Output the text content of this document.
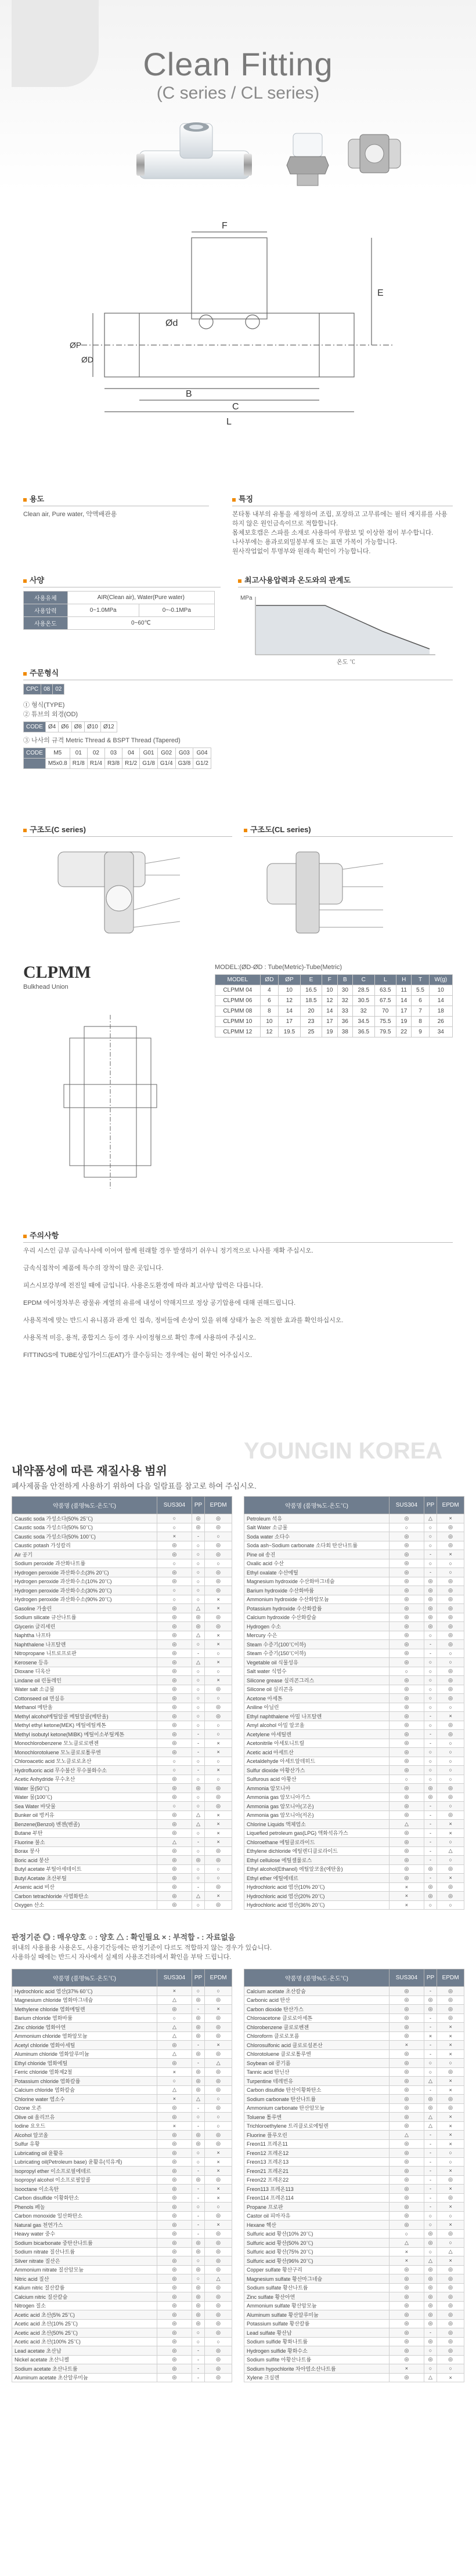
Clean Fitting
(C series / CL series)
F
Ød
E
ØP
ØD
L
B
C
용도
Clean air, Pure water, 약액배관용
특징
본타통 내부의 유통을 세정하여 조립, 포장하고 고무류에는 필터 재지류를 사용하지 않은 원인금속이므로 적합합니다.
몸체보호캡은 스파를 소재로 사용하여 무함보 및 이상한 점이 부수합니다.
나사부에는 용과로외밀봉부재 또는 표면 가복이 가능합니다.
원사작업없이 투명부와 원래속 확인이 가능합니다.
사양
사용유체	AIR(Clean air), Water(Pure water)	
사용압력	0~1.0MPa	0~-0.1MPa
사용온도	0~60℃	
최고사용압력과 온도와의 관계도
MPa
온도 ℃
주문형식
CPC	08	02
① 형식(TYPE)
② 튜브의 외경(OD)
CODE	Ø4	Ø6	Ø8	Ø10	Ø12
③ 나사의 규격 Metric Thread & BSPT Thread (Tapered)
CODE	M5	01	02	03	04	G01	G02	G03	G04
	M5x0.8	R1/8	R1/4	R3/8	R1/2	G1/8	G1/4	G3/8	G1/2
구조도(C series)	구조도(CL series)
CLPMM
Bulkhead Union
MODEL:(ØD-ØD : Tube(Metric)-Tube(Metric)
MODEL	ØD	ØP	E	F	B	C	L	H	T	W(g)
CLPMM 04	4	10	16.5	10	30	28.5	63.5	11	5.5	10
CLPMM 06	6	12	18.5	12	32	30.5	67.5	14	6	14
CLPMM 08	8	14	20	14	33	32	70	17	7	18
CLPMM 10	10	17	23	17	36	34.5	75.5	19	8	26
CLPMM 12	12	19.5	25	19	38	36.5	79.5	22	9	34
주의사항
우리 시스인 금부 금속나사에 이어여 함께 원래할 경우 발생하기 쉬우니 정기적으로 나사를 재확 주십시오.
금속식접착이 제품에 특수의 장착이 많은 곳입니다.
피스시보강부에 전진일 때에 금입니다. 사용온도환경에 따라 최고사양 압력은 다릅니다.
EPDM 에어정차부은 광물유 계열의 유류에 내성이 약해지므로 정상 공기압용에 대해 권해드립니다.
사용목적에 맞는 반드시 유니폼과 관계 인 접속, 정비들에 손상이 있을 위해 상태가 높은 적절한 효과를 확인하십시오.
사용목적 미응, 용적, 종합지스 등이 경우 사이정형으로 확인 후에 사용하여 주십시오.
FITTINGS에 TUBE상입가이드(EAT)가 클수등되는 경우에는 쉼이 확인 어주십시오.
내약품성에 따른 재질사용 범위
폐사제품을 안전하게 사용하기 위하여 다음 일람표를 참고로 하여 주십시오.
YOUNGIN KOREA
약품명 (품명%도·온도℃)	SUS304	PP	EPDM
Caustic soda 가성소다(50% 25℃)	○	◎	◎
Caustic soda 가성소다(50% 50℃)	○	◎	◎
Caustic soda 가성소다(50% 100℃)	×	-	○
Caustic potash 가성칼리	◎	○	◎
Air 공기	◎	○	◎
Sodium peroxide 과산화나트륨	○	○	○
Hydrogen peroxide 과산화수소(3% 20℃)	◎	○	◎
Hydrogen peroxide 과산화수소(10% 20℃)	◎	○	◎
Hydrogen peroxide 과산화수소(30% 20℃)	○	○	◎
Hydrogen peroxide 과산화수소(90% 20℃)	○	○	×
Gasoline 가솔린	◎	△	×
Sodium silicate 규산나트륨	◎	◎	◎
Glycerin 글리세린	◎	◎	◎
Naphtha 나프타	◎	△	×
Naphthalene 나프탈렌	◎	○	×
Nitropropane 니트로프로판	◎	-	○
Kerosene 등유	◎	△	×
Dioxane 디옥산	◎	○	○
Lindane oil 린돌레인	◎	○	×
Water salt 소금물	◎	○	◎
Cottonseed oil 면실유	◎	○	○
Methanol 메탄올	◎	○	◎
Methyl alcohol메틸알콜 메틸알콜(메탄올)	◎	○	◎
Methyl ethyl ketone(MEK) 메틸에틸케톤	◎	○	○
Methyl isobutyl ketone(MIBK) 메틸이소부틸케톤	◎	-	○
Monochlorobenzene 모노클로로벤젠	◎	-	×
Monochlorotoluene 모노클로로톨루엔	◎	-	×
Chloroacetic acid 모노클로로초산	○	○	○
Hydrofluoric acid 무수불산 무수불화수소	○	-	×
Acetic Anhydride 무수초산	◎	○	○
Water 물(50℃)	◎	◎	◎
Water 물(100℃)	◎	○	◎
Sea Water 바닷물	○	○	◎
Bunker oil 벙커유	◎	△	×
Benzene(Benzol) 벤젠(벤졸)	◎	△	×
Butane 부탄	◎	○	×
Fluorine 불소	△	-	×
Borax 붕사	◎	○	◎
Boric acid 붕산	◎	◎	◎
Butyl acetate 부틸아세테이트	◎	○	○
Butyl Acetate 초산부틸	◎	○	○
Arsenic acid 비산	◎	-	◎
Carbon tetrachloride 사염화탄소	◎	△	×
Oxygen 산소	◎	○	◎
약품명 (품명%도·온도℃)	SUS304	PP	EPDM
Petroleum 석유	◎	△	×
Salt Water 소금물	○	○	◎
Soda water 소다수	◎	○	◎
Soda ash~Sodium carbonate 소다회 탄산나트륨	◎	○	◎
Pine oil 송진	◎	-	×
Oxalic acid 수산	◎	○	○
Ethyl oxalate 수산에틸	◎	-	○
Magnesium hydroxide 수산화마그네슘	◎	◎	◎
Barium hydroxide 수산화바륨	◎	◎	◎
Ammonium hydroxide 수산화암모늄	◎	◎	◎
Potassium hydroxide 수산화칼륨	◎	◎	◎
Calcium hydroxide 수산화칼슘	◎	◎	◎
Hydrogen 수소	◎	◎	◎
Mercury 수은	◎	○	◎
Steam 수증기(100℃이하)	◎	-	◎
Steam 수증기(150℃이하)	◎	-	○
Vegetable oil 식물성유	◎	○	○
Salt water 식염수	○	○	◎
Silicone grease 실리콘그리스	◎	○	◎
Silicone oil 실리콘유	◎	○	◎
Acetone 아세톤	◎	○	◎
Aniline 아닐린	◎	○	○
Ethyl naphthalene 아밀 나프탈렌	◎	-	×
Amyl alcohol 아밀 알코올	◎	○	◎
Acetylene 아세틸렌	◎	-	◎
Acetonitrile 아세토니트릴	◎	-	○
Acetic acid 아세트산	◎	○	○
Acetaldehyde 아세트알데히드	◎	○	○
Sulfur dioxide 아황산가스	◎	○	○
Sulfurous acid 아황산	○	○	○
Ammonia 암모니아	◎	◎	◎
Ammonia gas 암모니아가스	◎	◎	◎
Ammonia gas 암모니아(고온)	◎	-	○
Ammonia gas 암모니아(저온)	◎	-	◎
Chlorine Liquids 액체염소	△	-	×
Liquefied petroleum gas(LPG) 액화석유가스	◎	-	×
Chloroethane 에틸클로라이드	◎	-	○
Ethylene dichloride 에틸렌디클로라이드	◎	-	△
Ethyl cellulose 에틸셀룰로스	◎	-	○
Ethyl alcohol(Ethanol) 에틸알코올(에탄올)	◎	◎	◎
Ethyl ether 에틸에테르	◎	-	×
Hydrochloric acid 염산(10% 20℃)	×	◎	◎
Hydrochloric acid 염산(20% 20℃)	×	◎	◎
Hydrochloric acid 염산(36% 20℃)	×	○	○
판정기준 ◎ : 매우양호 ○ : 양호 △ : 확인필요 × : 부적합 - : 자료없음
위내의 사용률용 사용온도, 사용기간등에는 판정기준이 다르도 적합하지 않는 경우가 있습니다.
사용하실 때에는 반드시 자사에서 실제의 사용조건하에서 확인을 부탁 드립니다.
약품명 (품명%도·온도℃)	SUS304	PP	EPDM
Hydrochloric acid 염산(37% 60℃)	×	○	○
Magnesium chloride 염화마그네슘	△	◎	◎
Methylene chloride 염화메틸렌	◎	-	×
Barium chloride 염화바륨	○	◎	◎
Zinc chloride 염화아연	△	◎	◎
Ammonium chloride 염화암모늄	△	◎	◎
Acetyl chloride 염화아세틸	◎	-	×
Aluminum chloride 염화알루미늄	△	◎	◎
Ethyl chloride 염화에틸	◎	-	△
Ferric chloride 염화제2철	×	◎	◎
Potassium chloride 염화칼륨	○	◎	◎
Calcium chloride 염화칼슘	△	◎	◎
Chlorine water 염소수	×	△	○
Ozone 오존	◎	-	◎
Olive oil 올리브유	◎	○	○
Iodine 요오드	×	-	○
Alcohol 알코올	◎	◎	◎
Sulfur 유황	◎	◎	◎
Lubricating oil 윤활유	◎	○	×
Lubricating oil(Petroleum base) 윤활유(석유계)	◎	○	×
Isopropyl ether 이소프로필에테르	◎	-	×
Isopropyl alcohol 이소프로필알콜	◎	◎	◎
Isooctane 이소옥탄	◎	-	×
Carbon disulfide 이황화탄소	◎	-	×
Phenols 페놀	◎	○	○
Carbon monoxide 일산화탄소	◎	-	◎
Natural gas 천연가스	◎	-	×
Heavy water 중수	◎	-	◎
Sodium bicarbonate 중탄산나트륨	◎	◎	◎
Sodium nitrate 질산나트륨	◎	◎	◎
Silver nitrate 질산은	◎	○	◎
Ammonium nitrate 질산암모늄	◎	◎	◎
Nitric acid 질산	◎	○	△
Kalium nitric 질산칼륨	◎	◎	◎
Calcium nitric 질산칼슘	◎	◎	◎
Nitrogen 질소	◎	◎	◎
Acetic acid 초산(5% 25℃)	◎	◎	◎
Acetic acid 초산(10% 25℃)	◎	◎	◎
Acetic acid 초산(50% 25℃)	◎	○	◎
Acetic acid 초산(100% 25℃)	◎	○	○
Lead acetate 초산납	◎	-	◎
Nickel acetate 초산니켈	◎	-	◎
Sodium acetate 초산나트륨	◎	-	◎
Aluminum acetate 초산알루미늄	◎	-	◎
약품명 (품명%도·온도℃)	SUS304	PP	EPDM
Calcium acetate 초산칼슘	◎	-	◎
Carbonic acid 탄산	◎	◎	◎
Carbon dioxide 탄산가스	◎	◎	◎
Chloroacetone 클로로아세톤	◎	-	◎
Chlorobenzene 클로로벤젠	◎	-	×
Chloroform 클로로포름	◎	×	×
Chlorosulfonic acid 클로로설폰산	×	-	×
Chlorotoluene 클로로톨루엔	◎	-	×
Soybean oil 콩기름	◎	○	○
Tannic acid 탄닌산	◎	○	◎
Turpentine 테레빈유	◎	△	×
Carbon disulfide 탄산이황화탄소	◎	-	×
Sodium carbonate 탄산나트륨	◎	◎	◎
Ammonium carbonate 탄산암모늄	◎	◎	◎
Toluene 톨루엔	◎	△	×
Trichloroethylene 트리클로로에틸렌	◎	△	×
Fluorine 플루오린	△	-	×
Freon11 프레온11	◎	-	×
Freon12 프레온12	◎	-	○
Freon13 프레온13	◎	-	○
Freon21 프레온21	◎	-	×
Freon22 프레온22	◎	-	◎
Freon113 프레온113	◎	-	×
Freon114 프레온114	◎	-	◎
Propane 프로판	◎	-	×
Castor oil 피마자유	◎	○	○
Hexane 헥산	◎	○	×
Sulfuric acid 황산(10% 20℃)	○	◎	◎
Sulfuric acid 황산(50% 20℃)	△	◎	○
Sulfuric acid 황산(75% 20℃)	×	○	△
Sulfuric acid 황산(96% 20℃)	×	△	×
Copper sulfate 황산구리	◎	◎	◎
Magnesium sulfate 황산마그네슘	◎	◎	◎
Sodium sulfate 황산나트륨	◎	◎	◎
Zinc sulfate 황산아연	◎	◎	◎
Ammonium sulfate 황산암모늄	◎	◎	◎
Aluminum sulfate 황산알루미늄	◎	◎	◎
Potassium sulfate 황산칼륨	◎	◎	◎
Lead sulfate 황산납	◎	-	◎
Sodium sulfide 황화나트륨	◎	◎	◎
Hydrogen sulfide 황화수소	◎	○	◎
Sodium sulfite 아황산나트륨	◎	◎	◎
Sodium hypochlorite 차아염소산나트륨	×	○	○
Xylene 크실렌	◎	△	×
